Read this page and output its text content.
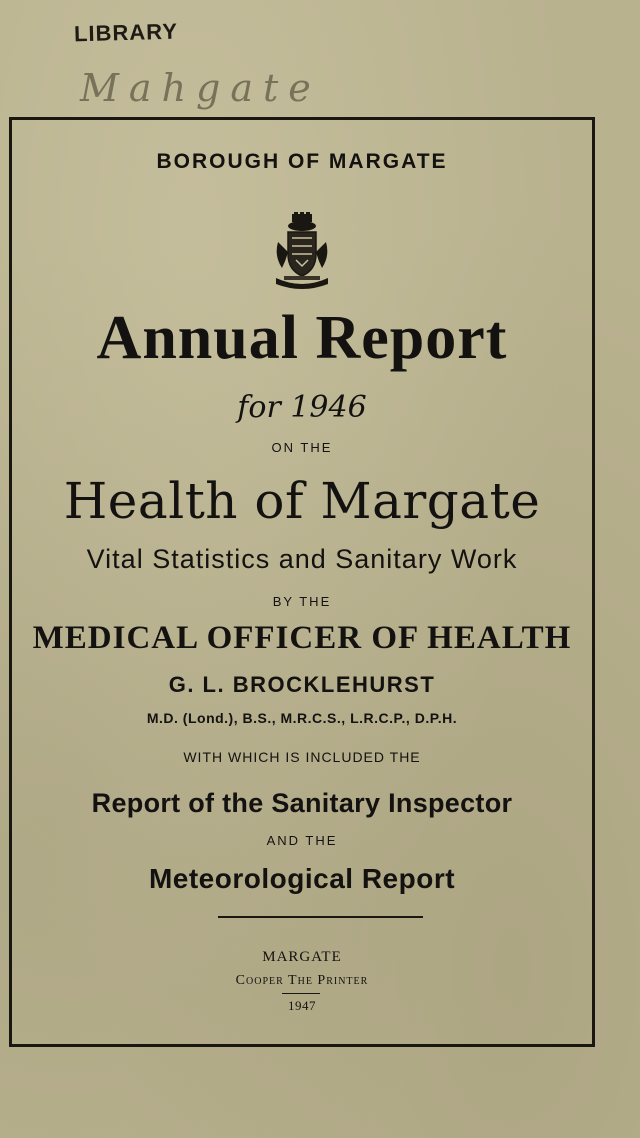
LIBRARY
Mahgate
BOROUGH OF MARGATE
Annual Report
for 1946
ON THE
Health of Margate
Vital Statistics and Sanitary Work
BY THE
MEDICAL OFFICER OF HEALTH
G. L. BROCKLEHURST
M.D. (Lond.), B.S., M.R.C.S., L.R.C.P., D.P.H.
WITH WHICH IS INCLUDED THE
Report of the Sanitary Inspector
AND THE
Meteorological Report
MARGATE
Cooper The Printer
1947
